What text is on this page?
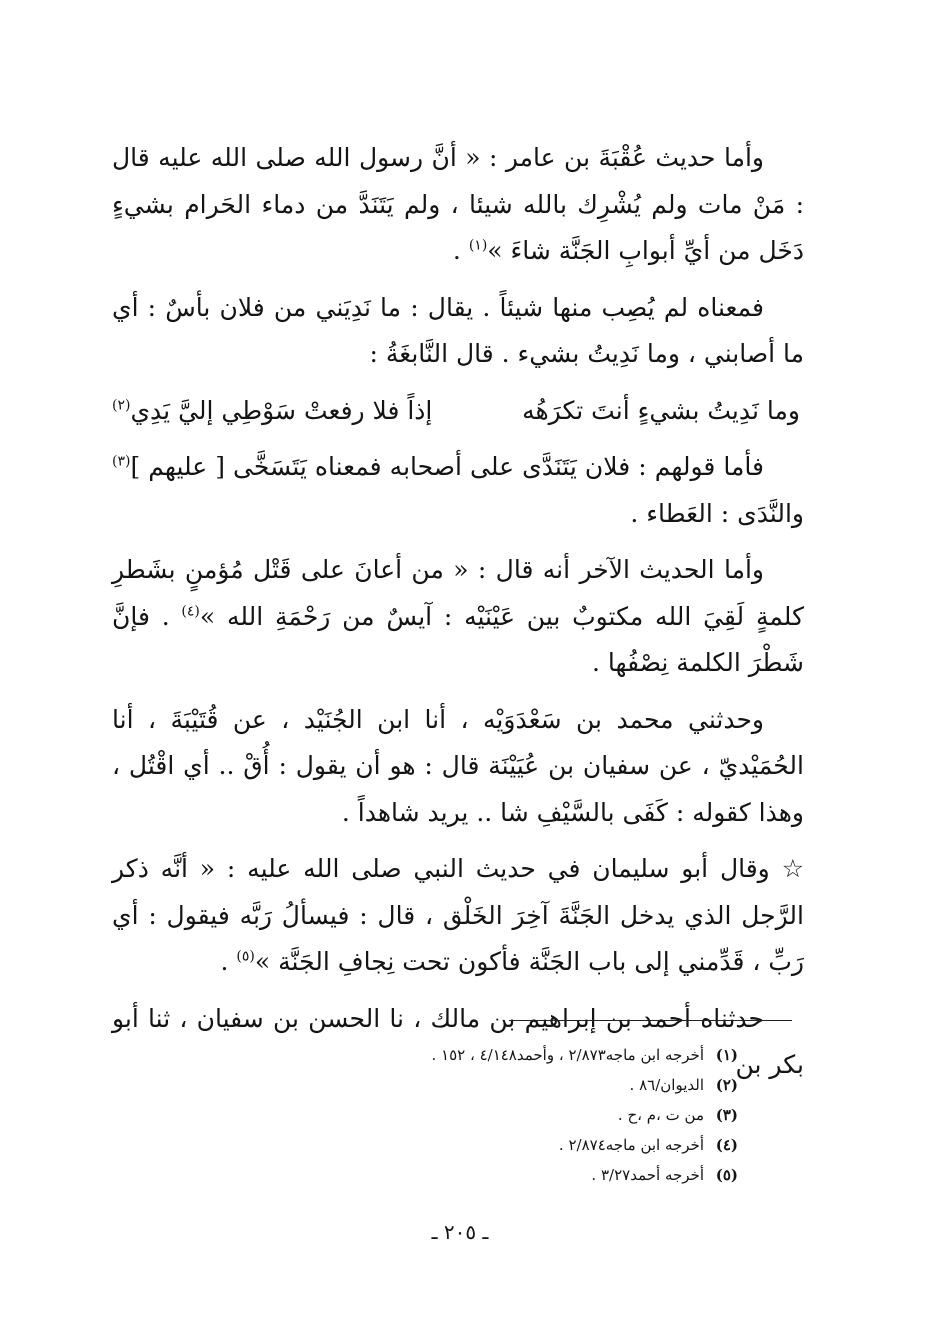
وأما حديث عُقْبَةَ بن عامر : « أنَّ رسول الله صلى الله عليه قال : مَنْ مات ولم يُشْرِك بالله شيئا ، ولم يَتَنَدَّ من دماء الحَرام بشيءٍ دَخَل من أيِّ أبوابِ الجَنَّة شاءَ »$^{(١)}$ .

فمعناه لم يُصِب منها شيئاً . يقال : ما نَدِيَني من فلان بأسٌ : أي ما أصابني ، وما نَدِيتُ بشيء . قال النَّابغَةُ :

وما نَدِيتُ بشيءٍ أنتَ تكرَهُه
إذاً فلا رفعتْ سَوْطِي إليَّ يَدِي$^{(٢)}$

فأما قولهم : فلان يَتَنَدَّى على أصحابه فمعناه يَتَسَخَّى [ عليهم ]$^{(٣)}$ والنَّدَى : العَطاء .

وأما الحديث الآخر أنه قال : « من أعانَ على قَتْل مُؤمنٍ بشَطرِ كلمةٍ لَقِيَ الله مكتوبٌ بين عَيْنَيْه : آيسٌ من رَحْمَةِ الله »$^{(٤)}$ . فإنَّ شَطْرَ الكلمة نِصْفُها .

وحدثني محمد بن سَعْدَوَيْه ، أنا ابن الجُنَيْد ، عن قُتَيْبَةَ ، أنا الحُمَيْديّ ، عن سفيان بن عُيَيْنَة قال : هو أن يقول : أُقْ .. أي اقْتُل ، وهذا كقوله : كَفَى بالسَّيْفِ شا .. يريد شاهداً .

☆ وقال أبو سليمان في حديث النبي صلى الله عليه : « أنَّه ذكر الرَّجل الذي يدخل الجَنَّةَ آخِرَ الخَلْق ، قال : فيسألُ رَبَّه فيقول : أي رَبِّ ، قَدِّمني إلى باب الجَنَّة فأكون تحت نِجافِ الجَنَّة »$^{(٥)}$ .

حدثناه أحمد بن إبراهيم بن مالك ، نا الحسن بن سفيان ، ثنا أبو بكر بن

(١)أخرجه ابن ماجه٢/٨٧٣ ، وأحمد٤/١٤٨ ، ١٥٢ .
(٢)الديوان/٨٦ .
(٣)من ت ،م ،ح .
(٤)أخرجه ابن ماجه٢/٨٧٤ .
(٥)أخرجه أحمد٣/٢٧ .
ـ ٢٠٥ ـ
